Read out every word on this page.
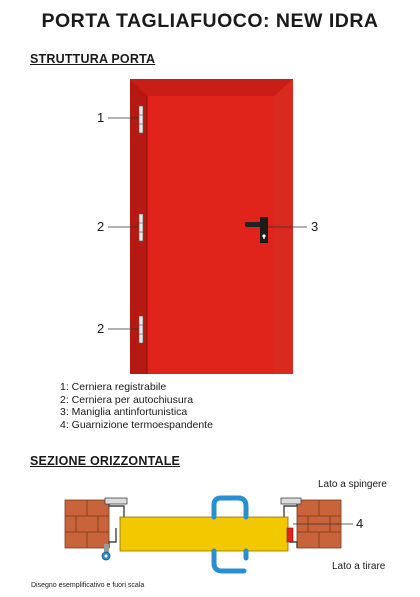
PORTA TAGLIAFUOCO: NEW IDRA
STRUTTURA PORTA
1
2	3
2
4
1: Cerniera registrabile
2: Cerniera per autochiusura
3: Maniglia antinfortunistica
4: Guarnizione termoespandente
SEZIONE ORIZZONTALE
Lato a spingere
Lato a tirare
Disegno esemplificativo e fuori scala
